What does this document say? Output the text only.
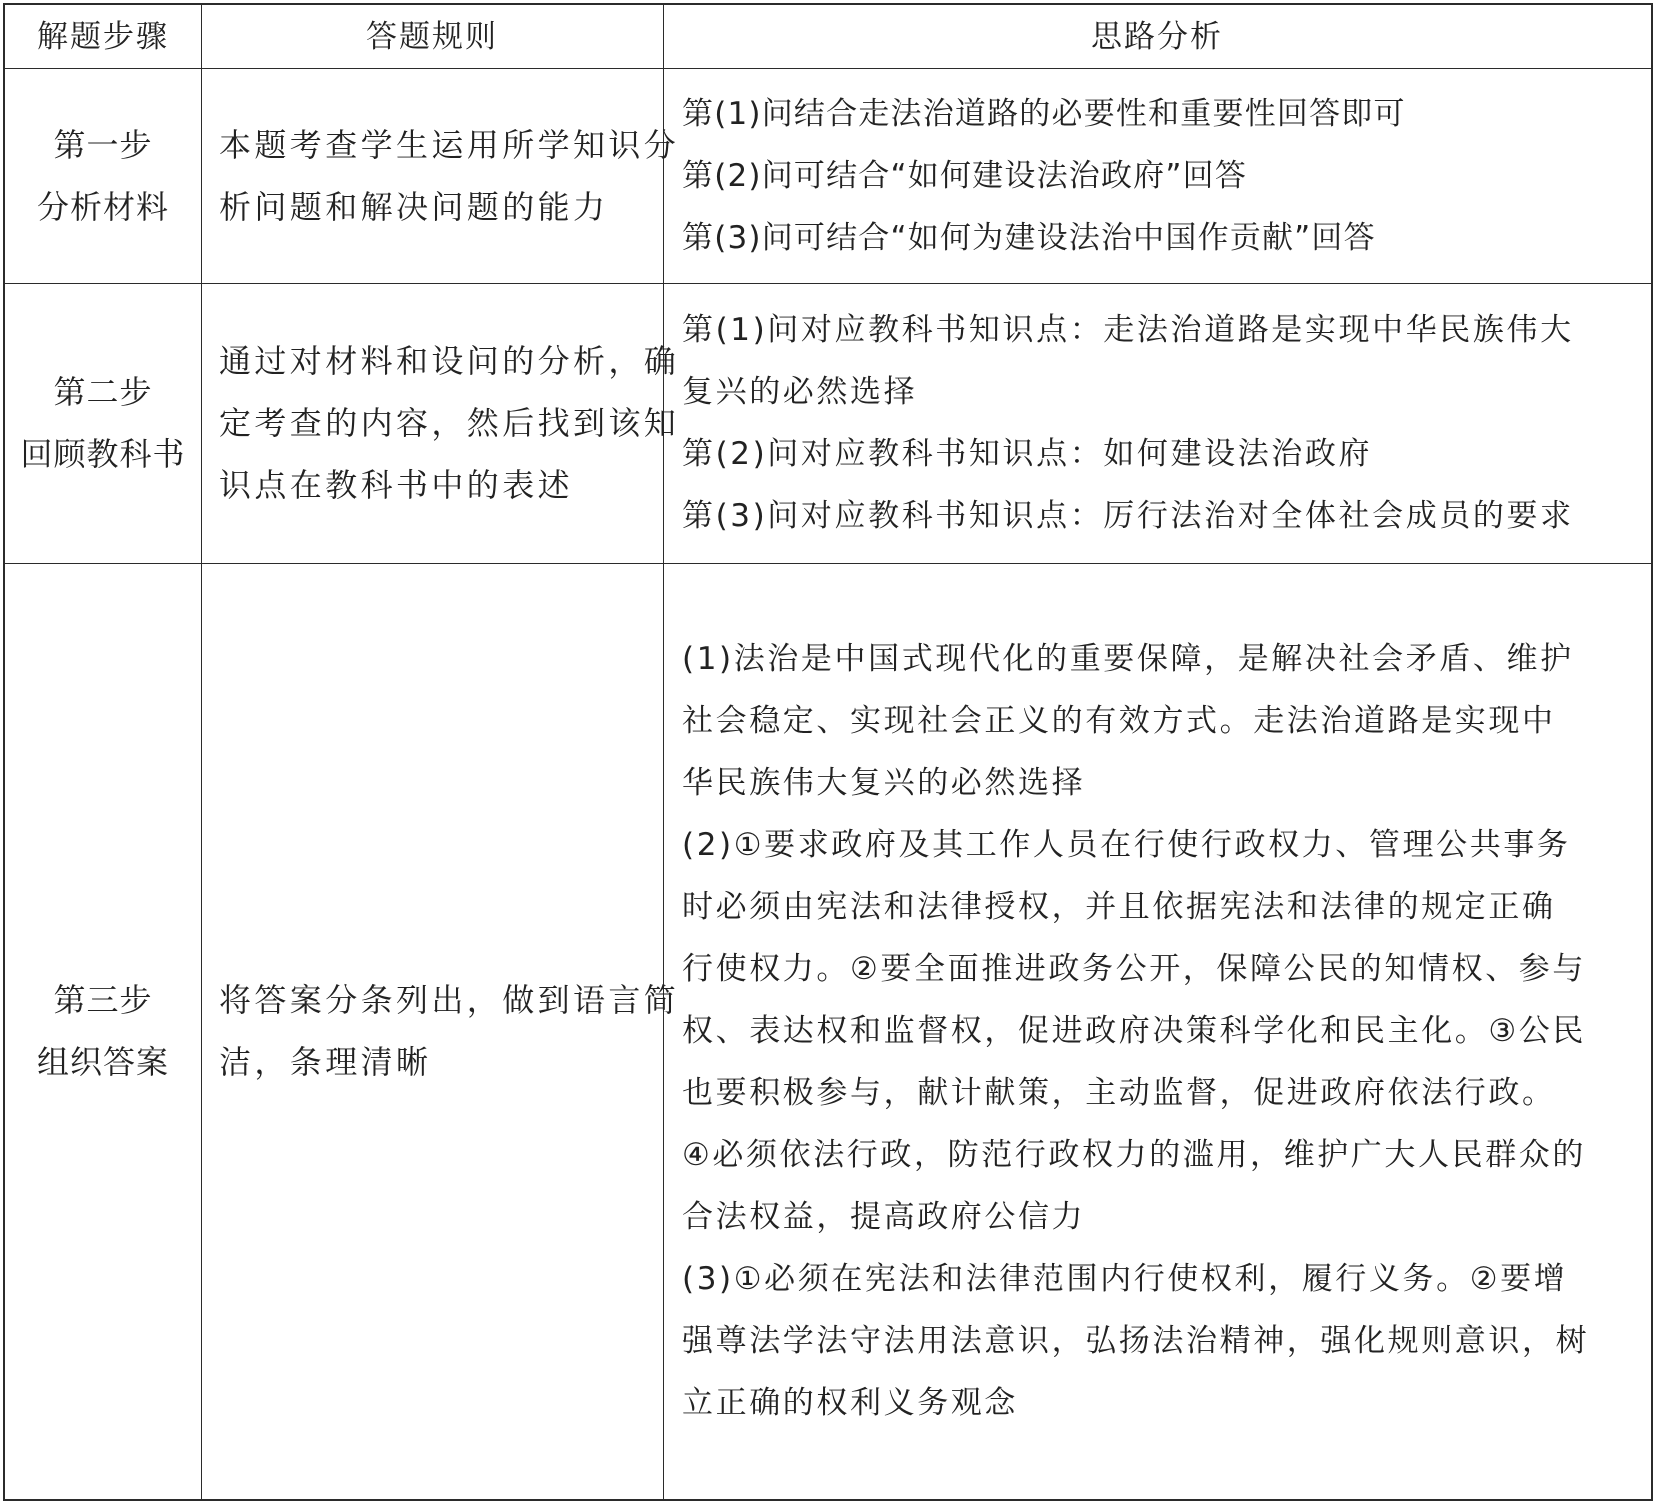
解题步骤	答题规则	思路分析
第一步
分析材料
本题考查学生运用所学知识分
析问题和解决问题的能力
第(1)问结合走法治道路的必要性和重要性回答即可
第(2)问可结合“如何建设法治政府”回答
第(3)问可结合“如何为建设法治中国作贡献”回答
第二步
回顾教科书
通过对材料和设问的分析，确
定考查的内容，然后找到该知
识点在教科书中的表述
第(1)问对应教科书知识点：走法治道路是实现中华民族伟大
复兴的必然选择
第(2)问对应教科书知识点：如何建设法治政府
第(3)问对应教科书知识点：厉行法治对全体社会成员的要求
第三步
组织答案
将答案分条列出，做到语言简
洁，条理清晰
(1)法治是中国式现代化的重要保障，是解决社会矛盾、维护
社会稳定、实现社会正义的有效方式。走法治道路是实现中
华民族伟大复兴的必然选择
(2)①要求政府及其工作人员在行使行政权力、管理公共事务
时必须由宪法和法律授权，并且依据宪法和法律的规定正确
行使权力。②要全面推进政务公开，保障公民的知情权、参与
权、表达权和监督权，促进政府决策科学化和民主化。③公民
也要积极参与，献计献策，主动监督，促进政府依法行政。
④必须依法行政，防范行政权力的滥用，维护广大人民群众的
合法权益，提高政府公信力
(3)①必须在宪法和法律范围内行使权利，履行义务。②要增
强尊法学法守法用法意识，弘扬法治精神，强化规则意识，树
立正确的权利义务观念
